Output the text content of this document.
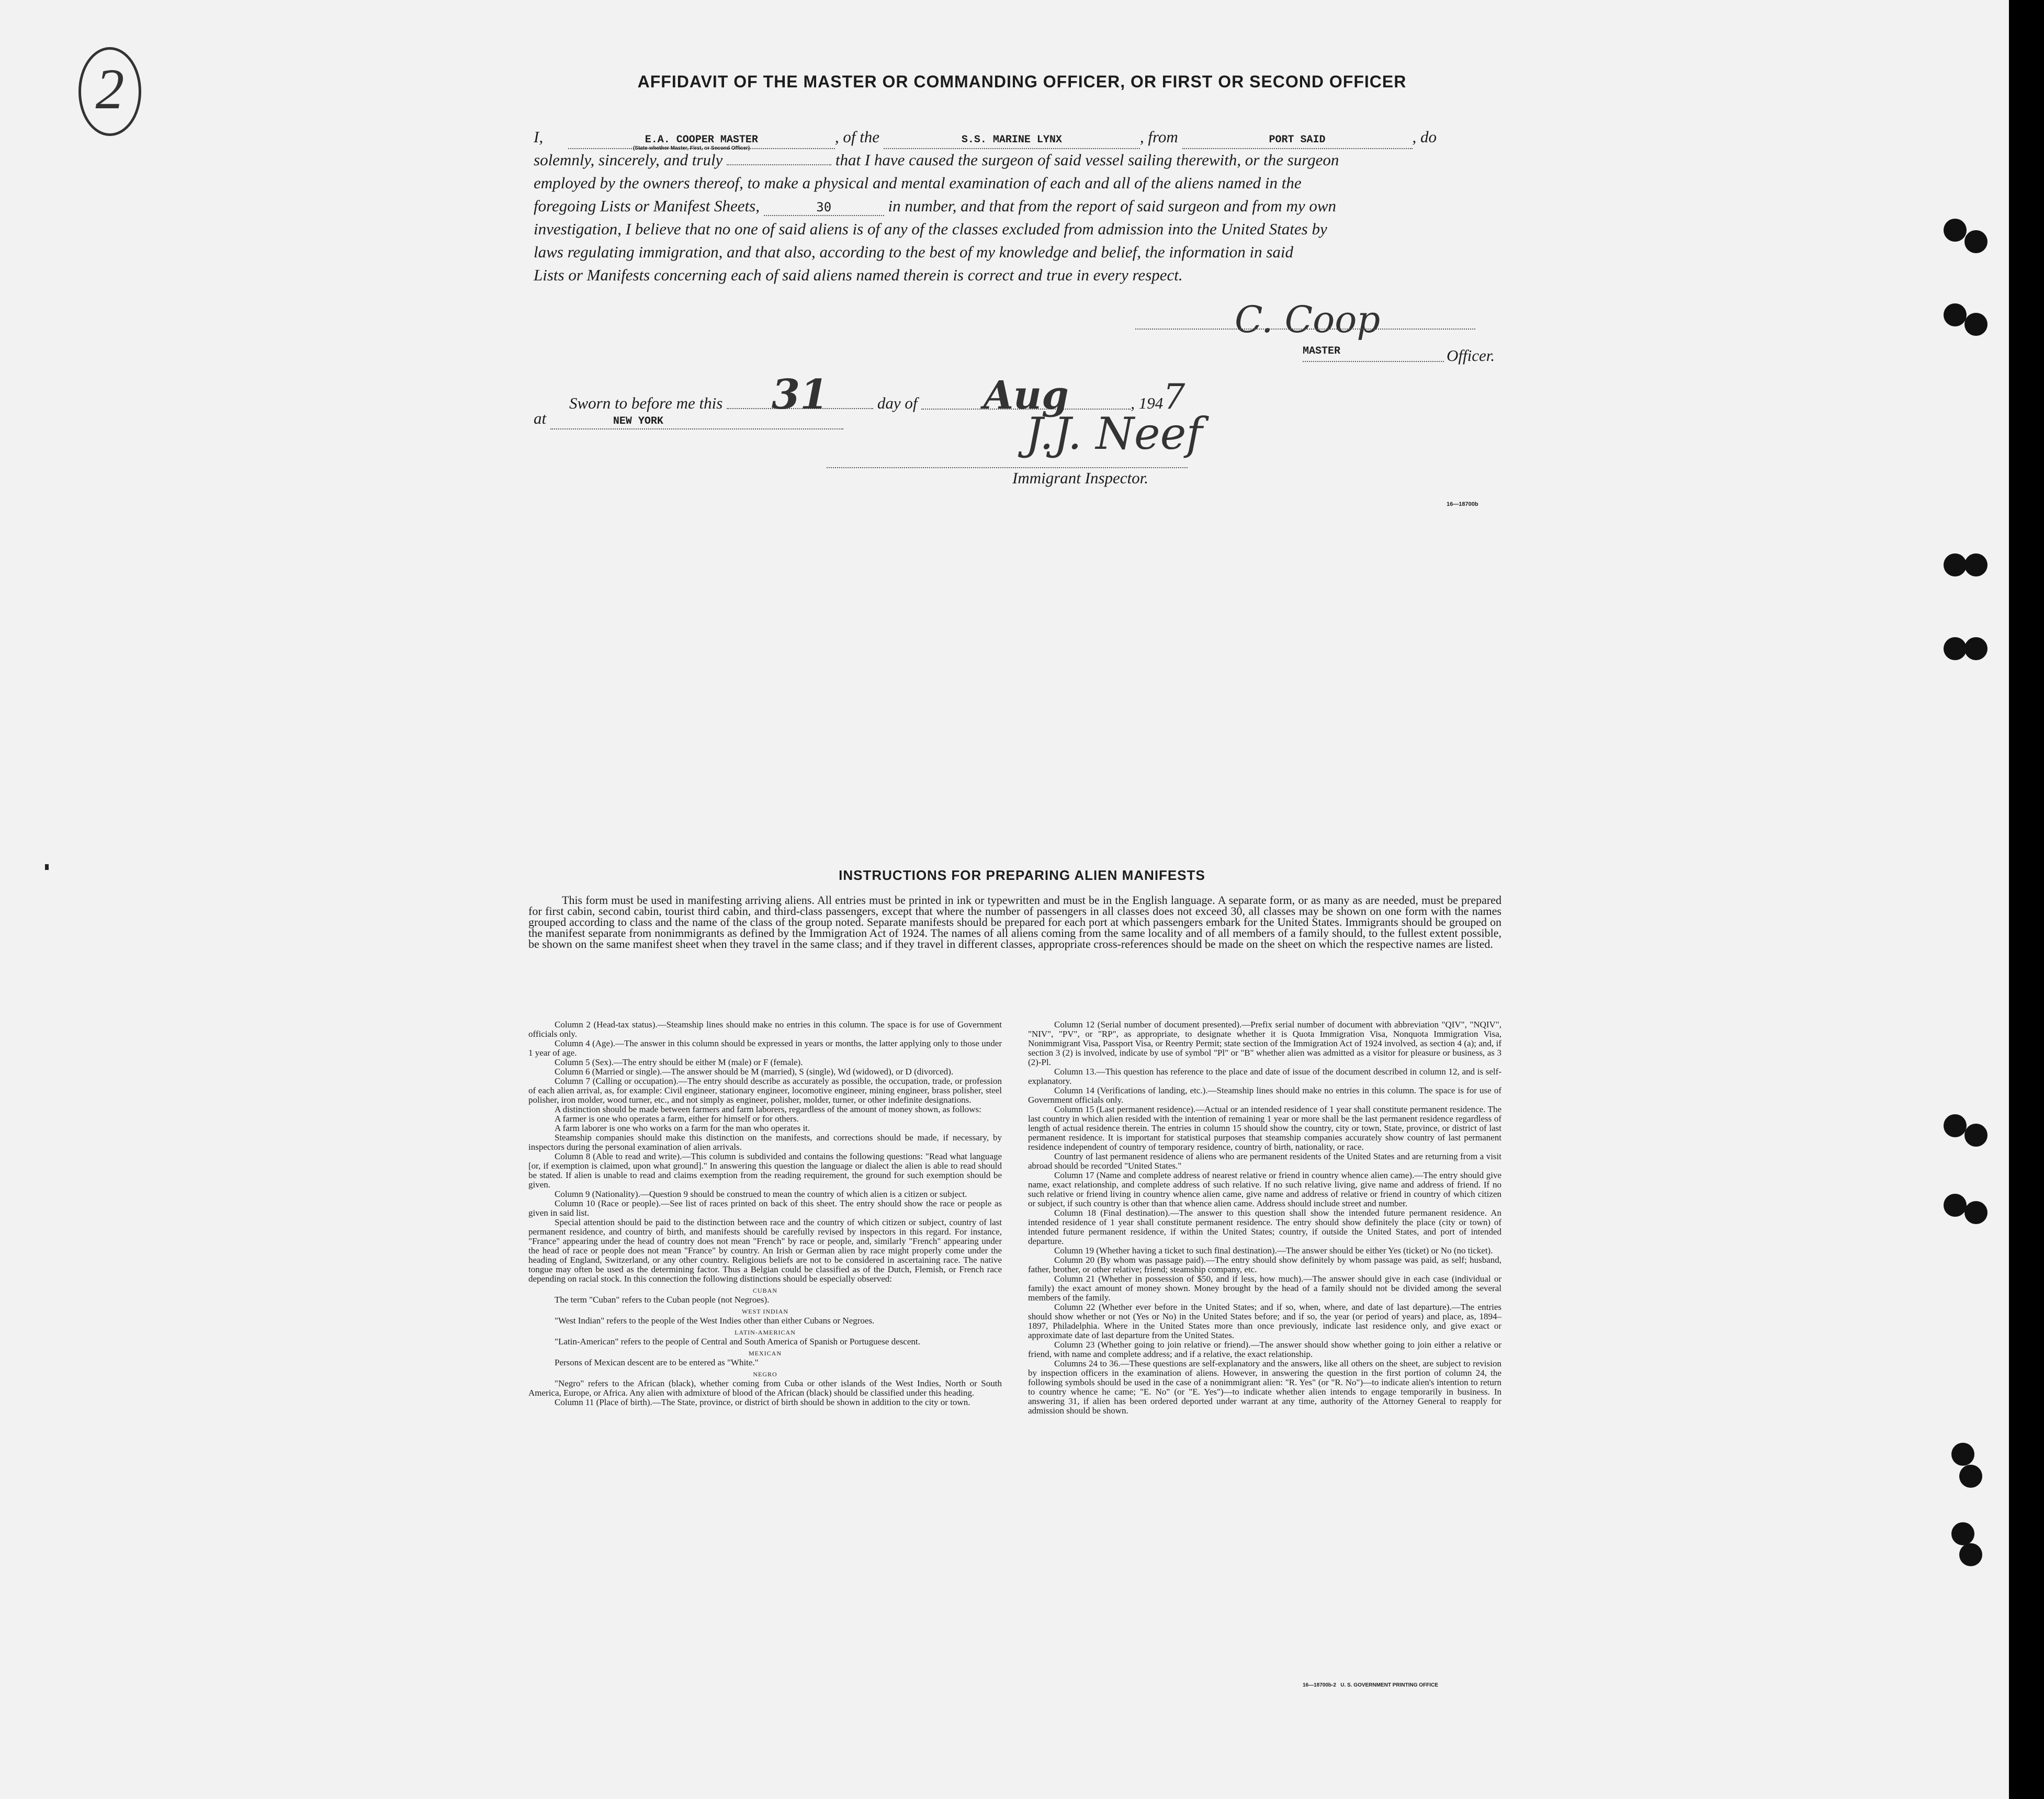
2	AFFIDAVIT OF THE MASTER OR COMMANDING OFFICER, OR FIRST OR SECOND OFFICER
I,	E.A. COOPER MASTER	, of the	S.S. MARINE LYNX	, from	PORT SAID	, do
(State whether Master, First, or Second Officer)
solemnly, sincerely, and truly	that I have caused the surgeon of said vessel sailing therewith, or the surgeon
employed by the owners thereof, to make a physical and mental examination of each and all of the aliens named in the
foregoing Lists or Manifest Sheets,	30	in number, and that from the report of said surgeon and from my own
investigation, I believe that no one of said aliens is of any of the classes excluded from admission into the United States by
laws regulating immigration, and that also, according to the best of my knowledge and belief, the information in said
Lists or Manifests concerning each of said aliens named therein is correct and true in every respect.
C. Coop
MASTER	Officer.
Sworn to before me this 31	day of Aug	, 1947
at	NEW YORK	J.J. Neef
Immigrant Inspector.
16—18700b
INSTRUCTIONS FOR PREPARING ALIEN MANIFESTS
This form must be used in manifesting arriving aliens. All entries must be printed in ink or typewritten and must be in the English language. A separate form, or as many as are needed, must be prepared for first cabin, second cabin, tourist third cabin, and third-class passengers, except that where the number of passengers in all classes does not exceed 30, all classes may be shown on one form with the names grouped according to class and the name of the class of the group noted. Separate manifests should be prepared for each port at which passengers embark for the United States. Immigrants should be grouped on the manifest separate from nonimmigrants as defined by the Immigration Act of 1924. The names of all aliens coming from the same locality and of all members of a family should, to the fullest extent possible, be shown on the same manifest sheet when they travel in the same class; and if they travel in different classes, appropriate cross-references should be made on the sheet on which the respective names are listed.

Column 2 (Head-tax status).—Steamship lines should make no entries in this column. The space is for use of Government officials only.

Column 4 (Age).—The answer in this column should be expressed in years or months, the latter applying only to those under 1 year of age.

Column 5 (Sex).—The entry should be either M (male) or F (female).

Column 6 (Married or single).—The answer should be M (married), S (single), Wd (widowed), or D (divorced).

Column 7 (Calling or occupation).—The entry should describe as accurately as possible, the occupation, trade, or profession of each alien arrival, as, for example: Civil engineer, stationary engineer, locomotive engineer, mining engineer, brass polisher, steel polisher, iron molder, wood turner, etc., and not simply as engineer, polisher, molder, turner, or other indefinite designations.

A distinction should be made between farmers and farm laborers, regardless of the amount of money shown, as follows:

A farmer is one who operates a farm, either for himself or for others.

A farm laborer is one who works on a farm for the man who operates it.

Steamship companies should make this distinction on the manifests, and corrections should be made, if necessary, by inspectors during the personal examination of alien arrivals.

Column 8 (Able to read and write).—This column is subdivided and contains the following questions: "Read what language [or, if exemption is claimed, upon what ground]." In answering this question the language or dialect the alien is able to read should be stated. If alien is unable to read and claims exemption from the reading requirement, the ground for such exemption should be given.

Column 9 (Nationality).—Question 9 should be construed to mean the country of which alien is a citizen or subject.

Column 10 (Race or people).—See list of races printed on back of this sheet. The entry should show the race or people as given in said list.

Special attention should be paid to the distinction between race and the country of which citizen or subject, country of last permanent residence, and country of birth, and manifests should be carefully revised by inspectors in this regard. For instance, "France" appearing under the head of country does not mean "French" by race or people, and, similarly "French" appearing under the head of race or people does not mean "France" by country. An Irish or German alien by race might properly come under the heading of England, Switzerland, or any other country. Religious beliefs are not to be considered in ascertaining race. The native tongue may often be used as the determining factor. Thus a Belgian could be classified as of the Dutch, Flemish, or French race depending on racial stock. In this connection the following distinctions should be especially observed:

CUBAN

The term "Cuban" refers to the Cuban people (not Negroes).

WEST INDIAN

"West Indian" refers to the people of the West Indies other than either Cubans or Negroes.

LATIN-AMERICAN

"Latin-American" refers to the people of Central and South America of Spanish or Portuguese descent.

MEXICAN

Persons of Mexican descent are to be entered as "White."

NEGRO

"Negro" refers to the African (black), whether coming from Cuba or other islands of the West Indies, North or South America, Europe, or Africa. Any alien with admixture of blood of the African (black) should be classified under this heading.

Column 11 (Place of birth).—The State, province, or district of birth should be shown in addition to the city or town.

Column 12 (Serial number of document presented).—Prefix serial number of document with abbreviation "QIV", "NQIV", "NIV", "PV", or "RP", as appropriate, to designate whether it is Quota Immigration Visa, Nonquota Immigration Visa, Nonimmigrant Visa, Passport Visa, or Reentry Permit; state section of the Immigration Act of 1924 involved, as section 4 (a); and, if section 3 (2) is involved, indicate by use of symbol "Pl" or "B" whether alien was admitted as a visitor for pleasure or business, as 3 (2)-Pl.

Column 13.—This question has reference to the place and date of issue of the document described in column 12, and is self-explanatory.

Column 14 (Verifications of landing, etc.).—Steamship lines should make no entries in this column. The space is for use of Government officials only.

Column 15 (Last permanent residence).—Actual or an intended residence of 1 year shall constitute permanent residence. The last country in which alien resided with the intention of remaining 1 year or more shall be the last permanent residence regardless of length of actual residence therein. The entries in column 15 should show the country, city or town, State, province, or district of last permanent residence. It is important for statistical purposes that steamship companies accurately show country of last permanent residence independent of country of temporary residence, country of birth, nationality, or race.

Country of last permanent residence of aliens who are permanent residents of the United States and are returning from a visit abroad should be recorded "United States."

Column 17 (Name and complete address of nearest relative or friend in country whence alien came).—The entry should give name, exact relationship, and complete address of such relative. If no such relative living, give name and address of friend. If no such relative or friend living in country whence alien came, give name and address of relative or friend in country of which citizen or subject, if such country is other than that whence alien came. Address should include street and number.

Column 18 (Final destination).—The answer to this question shall show the intended future permanent residence. An intended residence of 1 year shall constitute permanent residence. The entry should show definitely the place (city or town) of intended future permanent residence, if within the United States; country, if outside the United States, and port of intended departure.

Column 19 (Whether having a ticket to such final destination).—The answer should be either Yes (ticket) or No (no ticket).

Column 20 (By whom was passage paid).—The entry should show definitely by whom passage was paid, as self; husband, father, brother, or other relative; friend; steamship company, etc.

Column 21 (Whether in possession of $50, and if less, how much).—The answer should give in each case (individual or family) the exact amount of money shown. Money brought by the head of a family should not be divided among the several members of the family.

Column 22 (Whether ever before in the United States; and if so, when, where, and date of last departure).—The entries should show whether or not (Yes or No) in the United States before; and if so, the year (or period of years) and place, as, 1894–1897, Philadelphia. Where in the United States more than once previously, indicate last residence only, and give exact or approximate date of last departure from the United States.

Column 23 (Whether going to join relative or friend).—The answer should show whether going to join either a relative or friend, with name and complete address; and if a relative, the exact relationship.

Columns 24 to 36.—These questions are self-explanatory and the answers, like all others on the sheet, are subject to revision by inspection officers in the examination of aliens. However, in answering the question in the first portion of column 24, the following symbols should be used in the case of a nonimmigrant alien: "R. Yes" (or "R. No")—to indicate alien's intention to return to country whence he came; "E. No" (or "E. Yes")—to indicate whether alien intends to engage temporarily in business. In answering 31, if alien has been ordered deported under warrant at any time, authority of the Attorney General to reapply for admission should be shown.

16—18700b-2 U. S. GOVERNMENT PRINTING OFFICE
